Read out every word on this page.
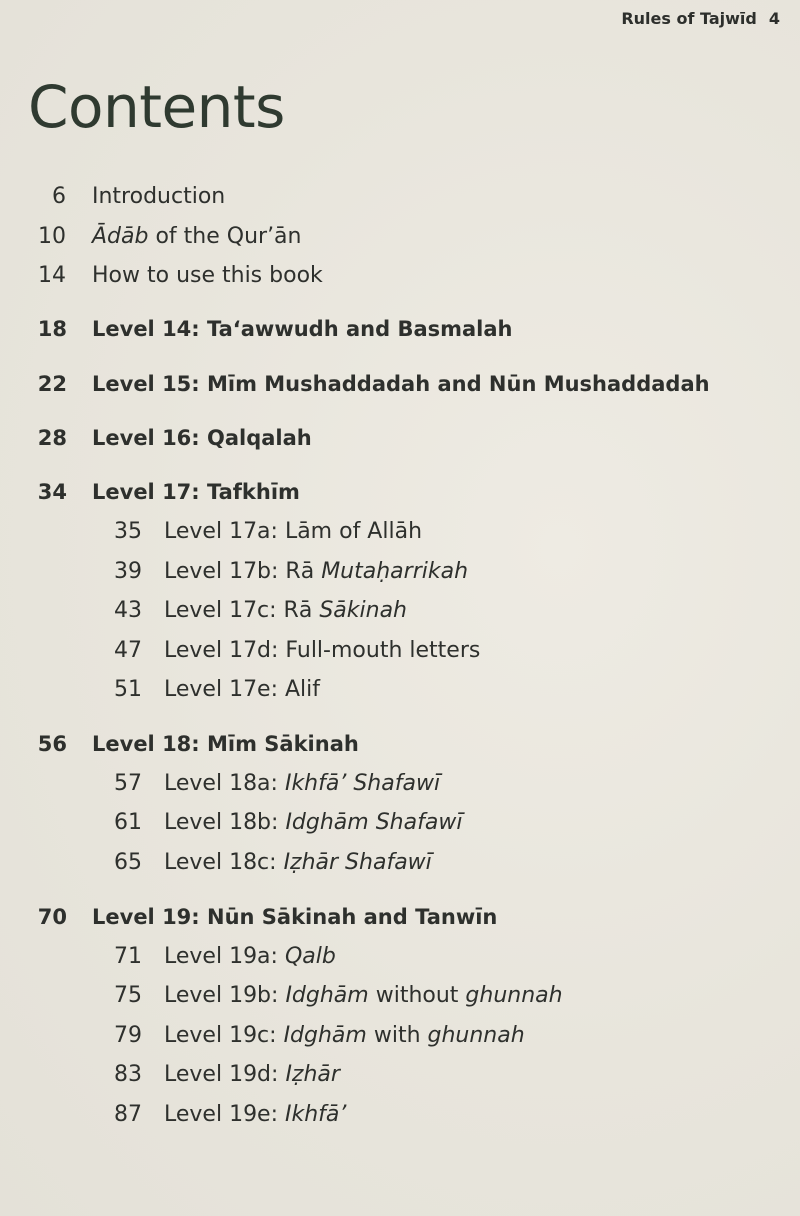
Rules of Tajwīd 4
Contents
6 Introduction
10 Ādāb of the Qur’ān
14 How to use this book
18 Level 14: Ta‘awwudh and Basmalah
22 Level 15: Mīm Mushaddadah and Nūn Mushaddadah
28 Level 16: Qalqalah
34 Level 17: Tafkhīm
35 Level 17a: Lām of Allāh
39 Level 17b: Rā Mutaḥarrikah
43 Level 17c: Rā Sākinah
47 Level 17d: Full-mouth letters
51 Level 17e: Alif
56 Level 18: Mīm Sākinah
57 Level 18a: Ikhfā’ Shafawī
61 Level 18b: Idghām Shafawī
65 Level 18c: Iẓhār Shafawī
70 Level 19: Nūn Sākinah and Tanwīn
71 Level 19a: Qalb
75 Level 19b: Idghām without ghunnah
79 Level 19c: Idghām with ghunnah
83 Level 19d: Iẓhār
87 Level 19e: Ikhfā’
